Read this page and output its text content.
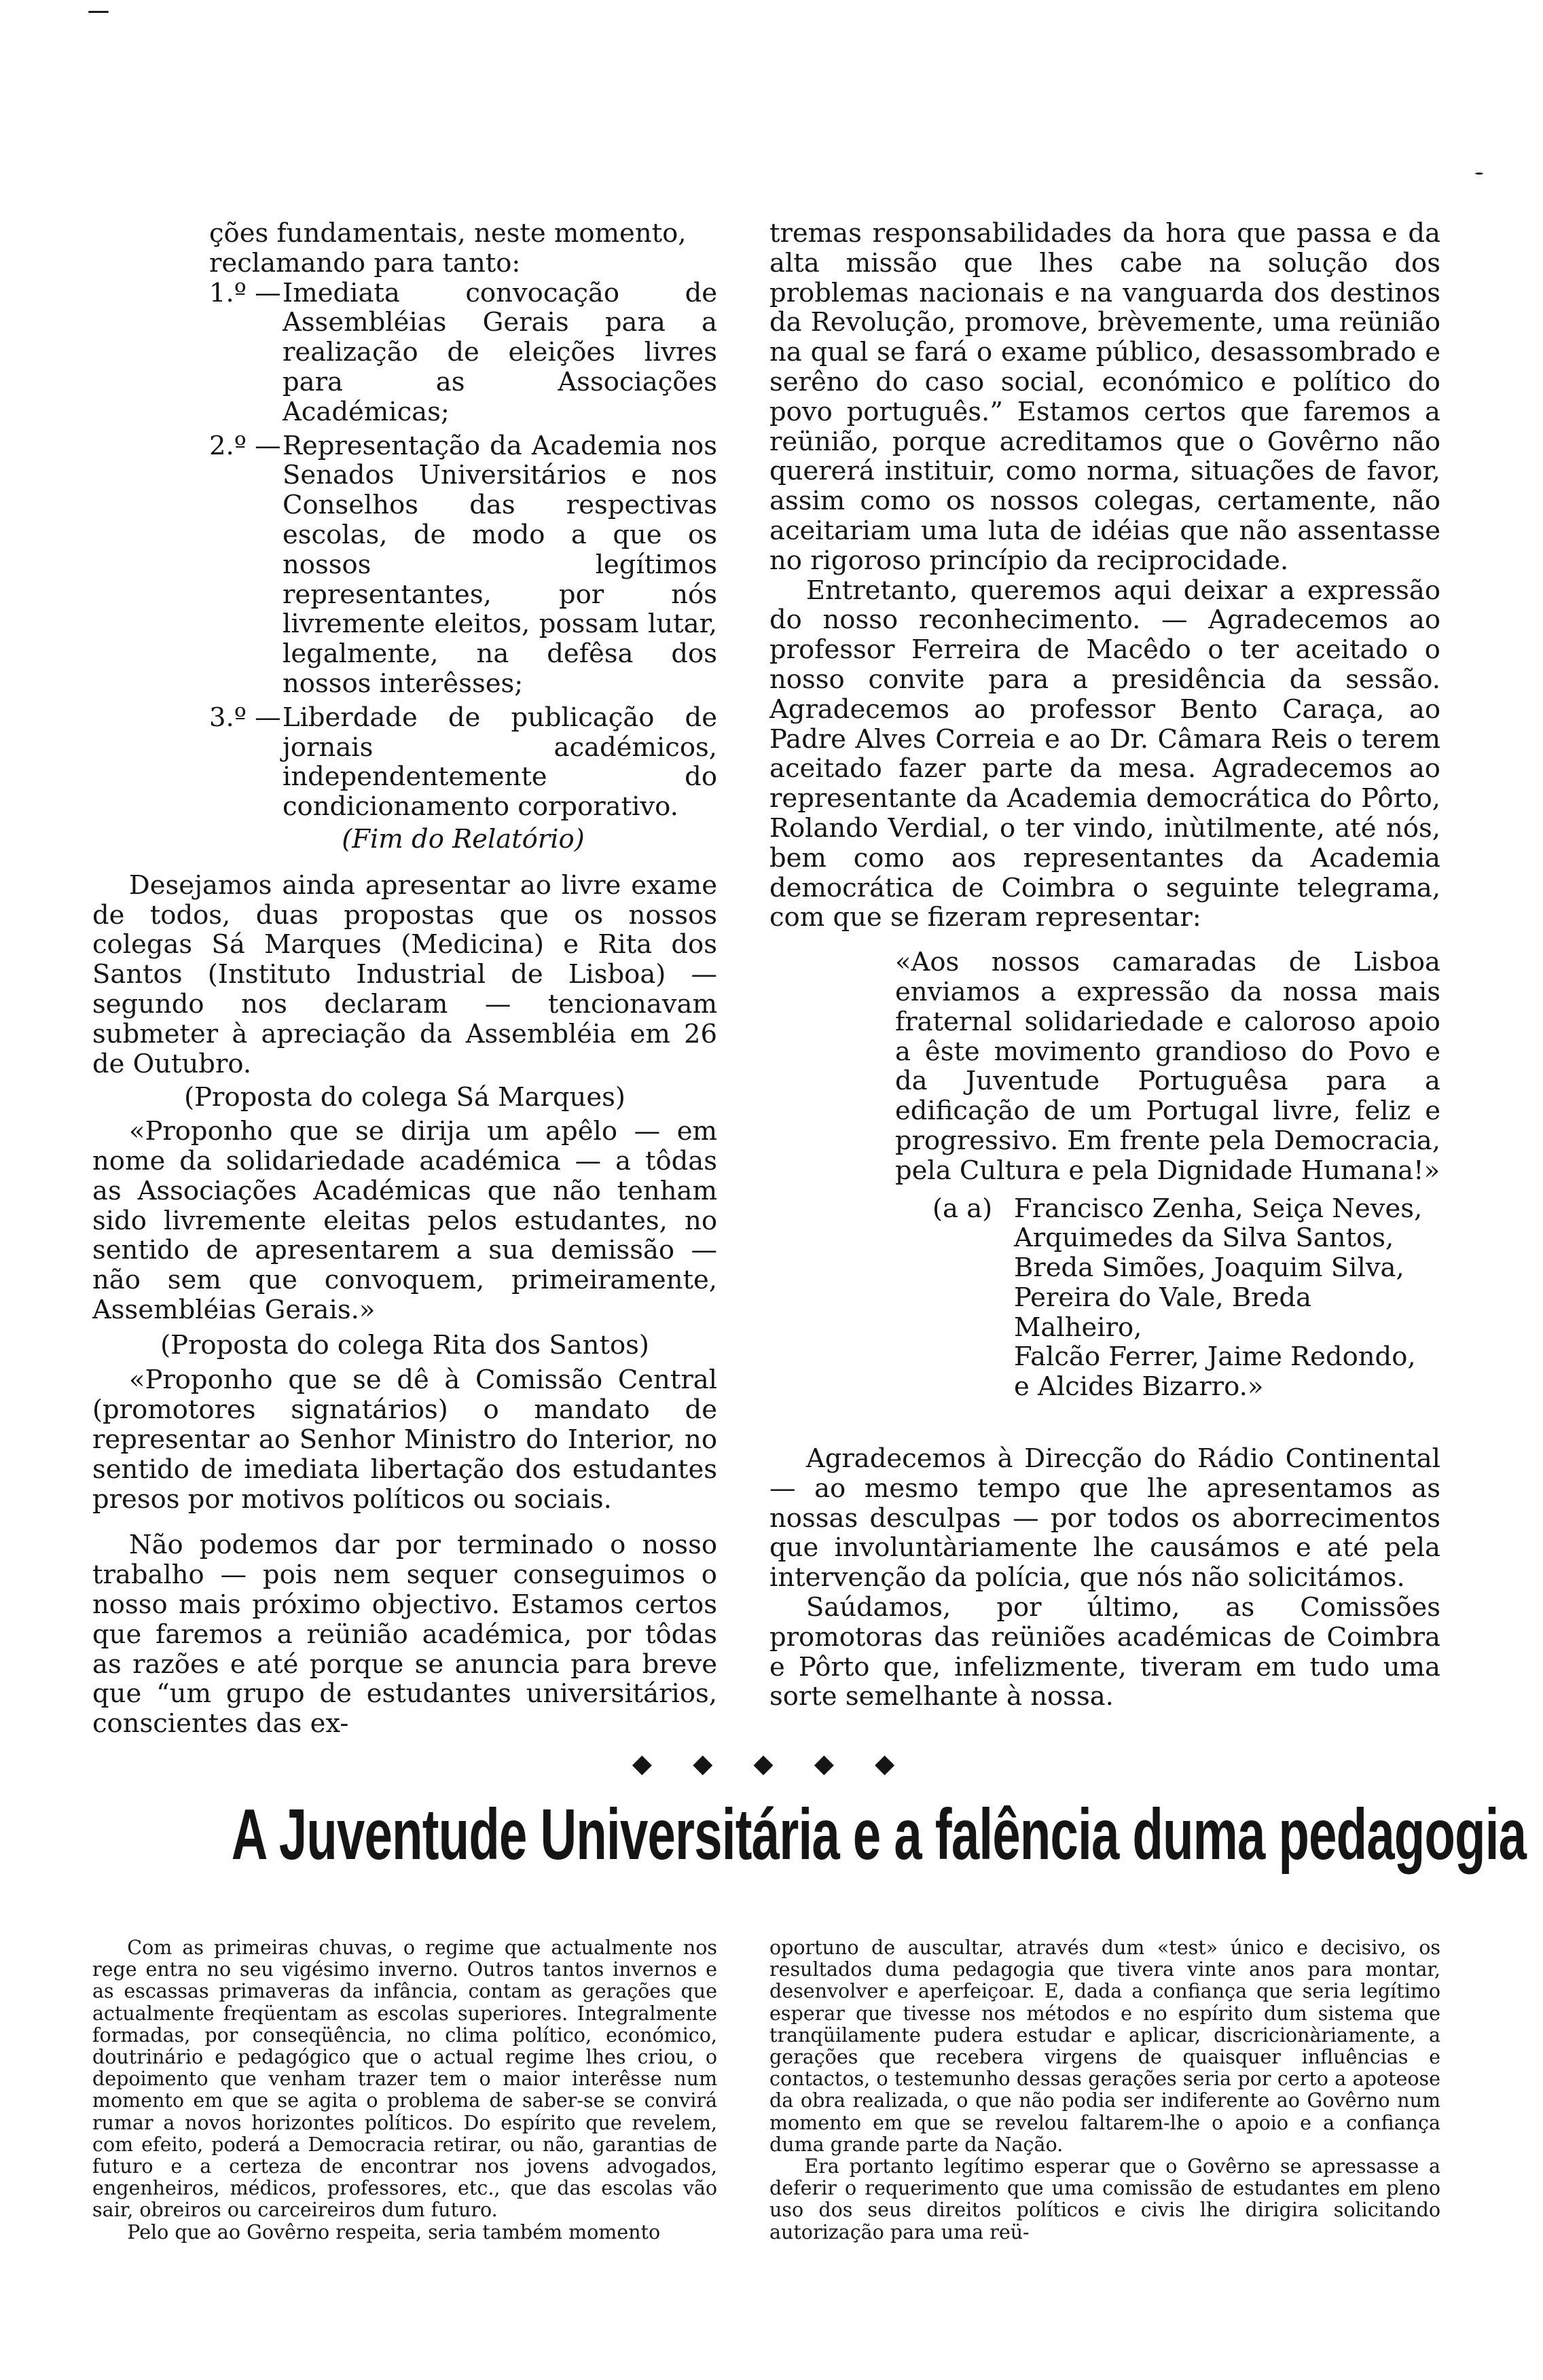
ções fundamentais, neste momento, reclamando para tanto:

1.º — Imediata convocação de Assembléias Gerais para a realização de eleições livres para as Associações Académicas;

2.º — Representação da Academia nos Senados Universitários e nos Conselhos das respectivas escolas, de modo a que os nossos legítimos representantes, por nós livremente eleitos, possam lutar, legalmente, na defêsa dos nossos interêsses;

3.º — Liberdade de publicação de jornais académicos, independentemente do condicionamento corporativo.

(Fim do Relatório)

Desejamos ainda apresentar ao livre exame de todos, duas propostas que os nossos colegas Sá Marques (Medicina) e Rita dos Santos (Instituto Industrial de Lisboa) — segundo nos declaram — tencionavam submeter à apreciação da Assembléia em 26 de Outubro.

(Proposta do colega Sá Marques)

«Proponho que se dirija um apêlo — em nome da solidariedade académica — a tôdas as Associações Académicas que não tenham sido livremente eleitas pelos estudantes, no sentido de apresentarem a sua demissão — não sem que convoquem, primeiramente, Assembléias Gerais.»

(Proposta do colega Rita dos Santos)

«Proponho que se dê à Comissão Central (promotores signatários) o mandato de representar ao Senhor Ministro do Interior, no sentido de imediata libertação dos estudantes presos por motivos políticos ou sociais.

Não podemos dar por terminado o nosso trabalho — pois nem sequer conseguimos o nosso mais próximo objectivo. Estamos certos que faremos a reünião académica, por tôdas as razões e até porque se anuncia para breve que “um grupo de estudantes universitários, conscientes das ex-

tremas responsabilidades da hora que passa e da alta missão que lhes cabe na solução dos problemas nacionais e na vanguarda dos destinos da Revolução, promove, brèvemente, uma reünião na qual se fará o exame público, desassombrado e serêno do caso social, económico e político do povo português.” Estamos certos que faremos a reünião, porque acreditamos que o Govêrno não quererá instituir, como norma, situações de favor, assim como os nossos colegas, certamente, não aceitariam uma luta de idéias que não assentasse no rigoroso princípio da reciprocidade.

Entretanto, queremos aqui deixar a expressão do nosso reconhecimento. — Agradecemos ao professor Ferreira de Macêdo o ter aceitado o nosso convite para a presidência da sessão. Agradecemos ao professor Bento Caraça, ao Padre Alves Correia e ao Dr. Câmara Reis o terem aceitado fazer parte da mesa. Agradecemos ao representante da Academia democrática do Pôrto, Rolando Verdial, o ter vindo, inùtilmente, até nós, bem como aos representantes da Academia democrática de Coimbra o seguinte telegrama, com que se fizeram representar:

«Aos nossos camaradas de Lisboa enviamos a expressão da nossa mais fraternal solidariedade e caloroso apoio a êste movimento grandioso do Povo e da Juventude Portuguêsa para a edificação de um Portugal livre, feliz e progressivo. Em frente pela Democracia, pela Cultura e pela Dignidade Humana!»

(a a) Francisco Zenha, Seiça Neves,
Arquimedes da Silva Santos,
Breda Simões, Joaquim Silva,
Pereira do Vale, Breda Malheiro,
Falcão Ferrer, Jaime Redondo,
e Alcides Bizarro.»

Agradecemos à Direcção do Rádio Continental — ao mesmo tempo que lhe apresentamos as nossas desculpas — por todos os aborrecimentos que involuntàriamente lhe causámos e até pela intervenção da polícia, que nós não solicitámos.

Saúdamos, por último, as Comissões promotoras das reüniões académicas de Coimbra e Pôrto que, infelizmente, tiveram em tudo uma sorte semelhante à nossa.

◆ ◆ ◆ ◆ ◆
A Juventude Universitária e a falência duma pedagogia

Com as primeiras chuvas, o regime que actualmente nos rege entra no seu vigésimo inverno. Outros tantos invernos e as escassas primaveras da infância, contam as gerações que actualmente freqüentam as escolas superiores. Integralmente formadas, por conseqüência, no clima político, económico, doutrinário e pedagógico que o actual regime lhes criou, o depoimento que venham trazer tem o maior interêsse num momento em que se agita o problema de saber-se se convirá rumar a novos horizontes políticos. Do espírito que revelem, com efeito, poderá a Democracia retirar, ou não, garantias de futuro e a certeza de encontrar nos jovens advogados, engenheiros, médicos, professores, etc., que das escolas vão sair, obreiros ou carceireiros dum futuro.

Pelo que ao Govêrno respeita, seria também momento

oportuno de auscultar, através dum «test» único e decisivo, os resultados duma pedagogia que tivera vinte anos para montar, desenvolver e aperfeiçoar. E, dada a confiança que seria legítimo esperar que tivesse nos métodos e no espírito dum sistema que tranqüilamente pudera estudar e aplicar, discricionàriamente, a gerações que recebera virgens de quaisquer influências e contactos, o testemunho dessas gerações seria por certo a apoteose da obra realizada, o que não podia ser indiferente ao Govêrno num momento em que se revelou faltarem-lhe o apoio e a confiança duma grande parte da Nação.

Era portanto legítimo esperar que o Govêrno se apressasse a deferir o requerimento que uma comissão de estudantes em pleno uso dos seus direitos políticos e civis lhe dirigira solicitando autorização para uma reü-
